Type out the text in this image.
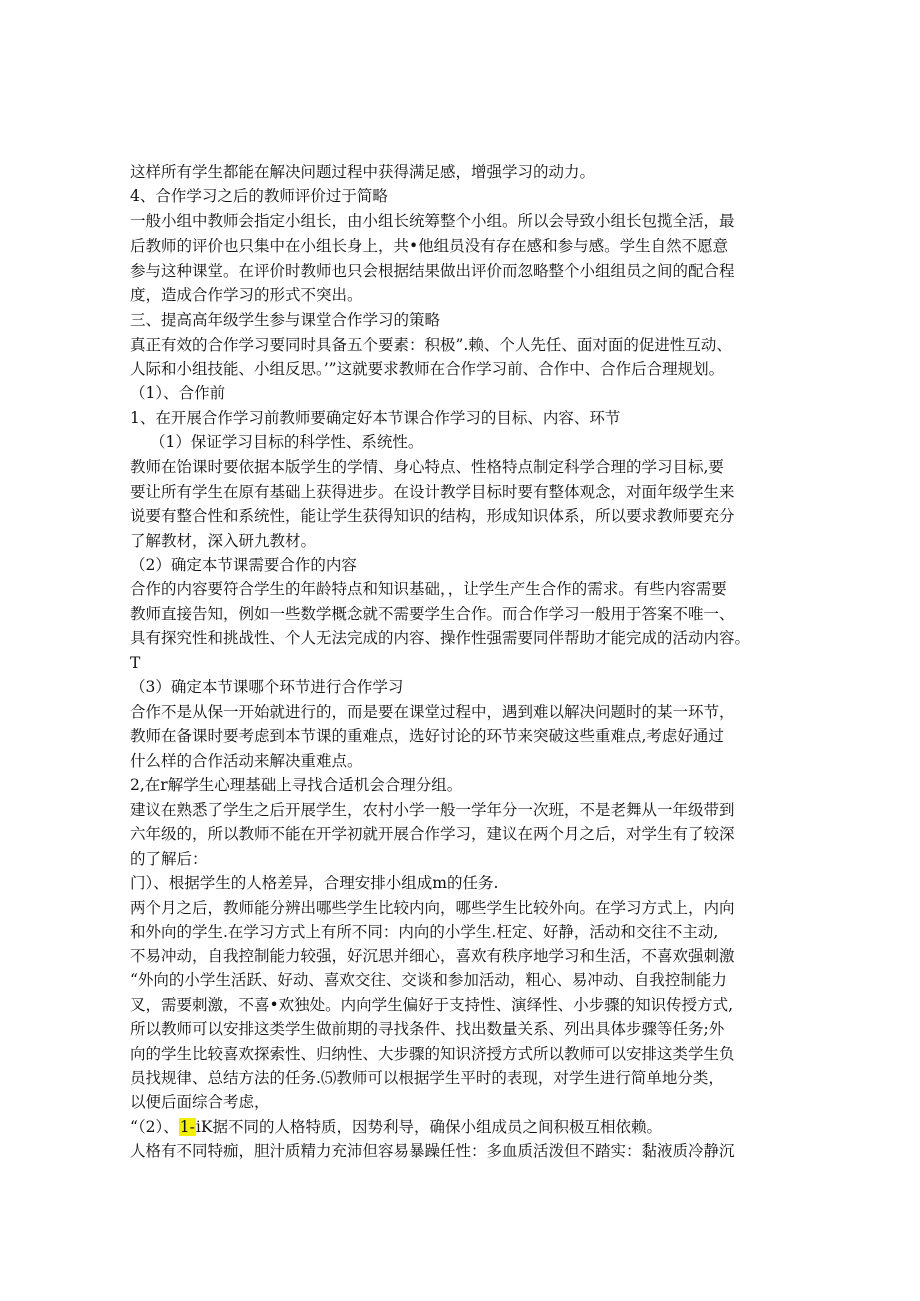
这样所有学生都能在解决问题过程中获得满足感，增强学习的动力。
4、合作学习之后的教师评价过于简略
一般小组中教师会指定小组长，由小组长统筹整个小组。所以会导致小组长包揽全活，最
后教师的评价也只集中在小组长身上，共•他组员没有存在感和参与感。学生自然不愿意
参与这种课堂。在评价时教师也只会根据结果做出评价而忽略整个小组组员之间的配合程
度，造成合作学习的形式不突出。
三、提高高年级学生参与课堂合作学习的策略
真正有效的合作学习要同时具备五个要素：积极”.赖、个人先任、面对面的促进性互动、
人际和小组技能、小组反思。’”这就要求教师在合作学习前、合作中、合作后合理规划。
（1）、合作前
1、在开展合作学习前教师要确定好本节课合作学习的目标、内容、环节
（1）保证学习目标的科学性、系统性。
教师在饴课时要依据本版学生的学情、身心特点、性格特点制定科学合理的学习目标,要
要让所有学生在原有基础上获得进步。在设计教学目标时要有整体观念，对面年级学生来
说要有整合性和系统性，能让学生获得知识的结构，形成知识体系，所以要求教师要充分
了解教材，深入研九教材。
（2）确定本节课需要合作的内容
合作的内容要符合学生的年龄特点和知识基础，，让学生产生合作的需求。有些内容需要
教师直接告知，例如一些数学概念就不需要学生合作。而合作学习一般用于答案不唯一、
具有探究性和挑战性、个人无法完成的内容、操作性强需要同伴帮助才能完成的活动内容。
T
（3）确定本节课哪个环节进行合作学习
合作不是从保一开始就进行的，而是要在课堂过程中，遇到难以解决问题时的某一环节，
教师在备课时要考虑到本节课的重难点，选好讨论的环节来突破这些重难点,考虑好通过
什么样的合作活动来解决重难点。
2,在r解学生心理基础上寻找合适机会合理分组。
建议在熟悉了学生之后开展学生，农村小学一般一学年分一次班，不是老舞从一年级带到
六年级的，所以教师不能在开学初就开展合作学习，建议在两个月之后，对学生有了较深
的了解后：
门）、根据学生的人格差异，合理安排小组成m的任务.
两个月之后，教师能分辨出哪些学生比较内向，哪些学生比较外向。在学习方式上，内向
和外向的学生.在学习方式上有所不同：内向的小学生.枉定、好静，活动和交往不主动,
不易冲动，自我控制能力较强，好沉思并细心，喜欢有秩序地学习和生活，不喜欢强刺激
“外向的小学生活跃、好动、喜欢交往、交谈和参加活动，粗心、易冲动、自我控制能力
叉，需要刺激，不喜•欢独处。内向学生偏好于支持性、演绎性、小步骤的知识传授方式,
所以教师可以安排这类学生做前期的寻找条件、找出数量关系、列出具体步骤等任务;外
向的学生比较喜欢探索性、归纳性、大步骤的知识济授方式所以教师可以安排这类学生负
员找规律、总结方法的任务.⑸教师可以根据学生平时的表现，对学生进行简单地分类，
以便后面综合考虑，
“（2）、1-iK据不同的人格特质，因势利导，确保小组成员之间积极互相依赖。
人格有不同特痂，胆汁质精力充沛但容易暴躁任性：多血质活泼但不踏实：黏液质冷静沉
